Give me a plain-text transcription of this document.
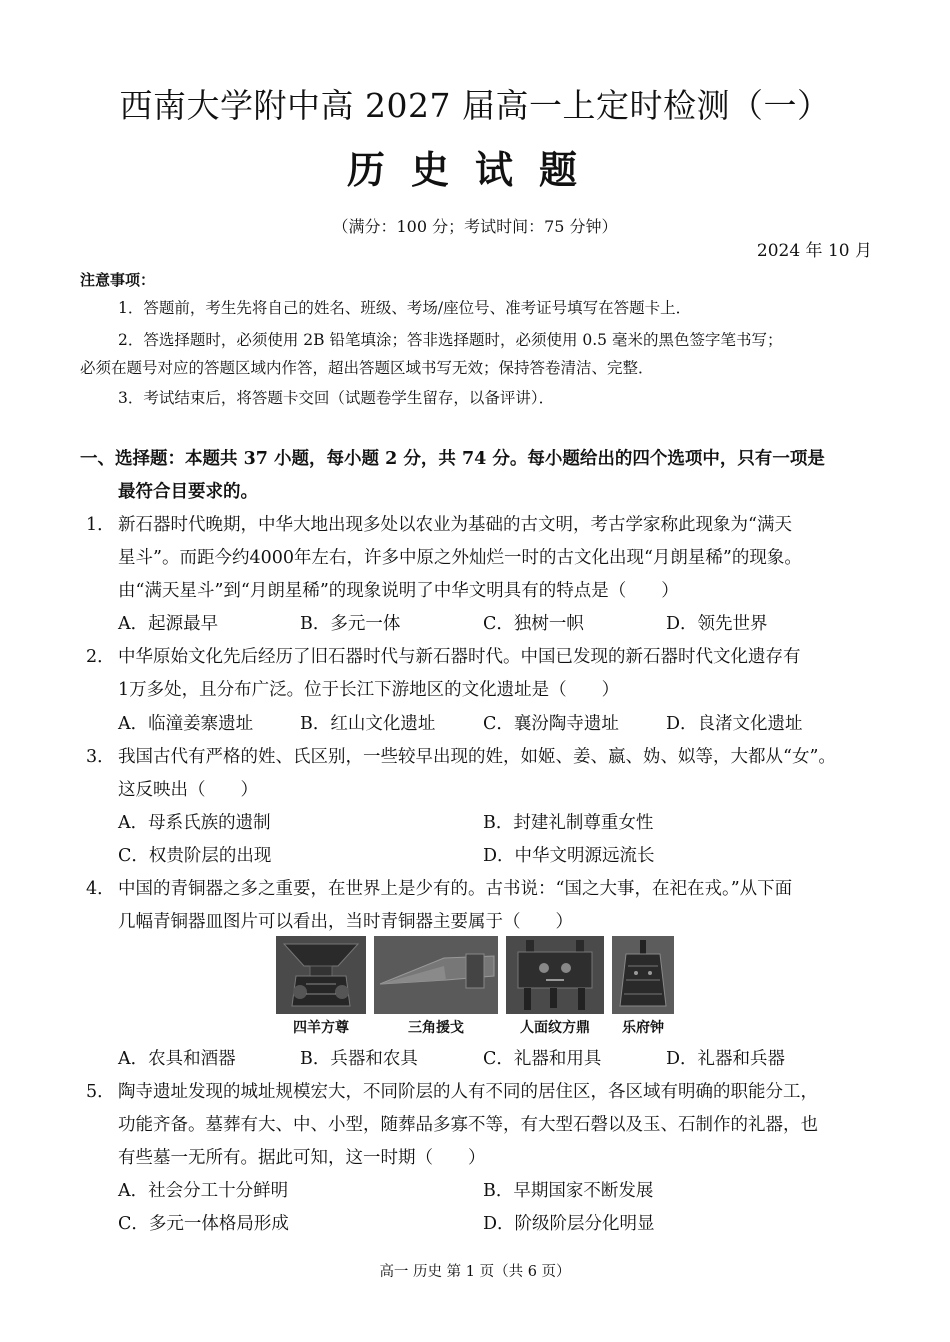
西南大学附中高 2027 届高一上定时检测（一）
历史试题
（满分：100 分；考试时间：75 分钟）
2024 年 10 月
注意事项：
1．答题前，考生先将自己的姓名、班级、考场/座位号、准考证号填写在答题卡上．
2．答选择题时，必须使用 2B 铅笔填涂；答非选择题时，必须使用 0.5 毫米的黑色签字笔书写；
必须在题号对应的答题区域内作答，超出答题区域书写无效；保持答卷清洁、完整．
3．考试结束后，将答题卡交回（试题卷学生留存，以备评讲）．
一、选择题：本题共 37 小题，每小题 2 分，共 74 分。每小题给出的四个选项中，只有一项是
最符合目要求的。
1． 新石器时代晚期，中华大地出现多处以农业为基础的古文明，考古学家称此现象为“满天
星斗”。而距今约4000年左右，许多中原之外灿烂一时的古文化出现“月朗星稀”的现象。
由“满天星斗”到“月朗星稀”的现象说明了中华文明具有的特点是（　　）
A．起源最早	B．多元一体	C．独树一帜	D．领先世界
2． 中华原始文化先后经历了旧石器时代与新石器时代。中国已发现的新石器时代文化遗存有
1万多处，且分布广泛。位于长江下游地区的文化遗址是（　　）
A．临潼姜寨遗址	B．红山文化遗址	C．襄汾陶寺遗址	D．良渚文化遗址
3． 我国古代有严格的姓、氏区别，一些较早出现的姓，如姬、姜、嬴、妫、姒等，大都从“女”。
这反映出（　　）
A．母系氏族的遗制	B．封建礼制尊重女性
C．权贵阶层的出现	D．中华文明源远流长
4． 中国的青铜器之多之重要，在世界上是少有的。古书说：“国之大事，在祀在戎。”从下面
几幅青铜器皿图片可以看出，当时青铜器主要属于（　　）
四羊方尊	三角援戈	人面纹方鼎	乐府钟
A．农具和酒器	B．兵器和农具	C．礼器和用具	D．礼器和兵器
5． 陶寺遗址发现的城址规模宏大，不同阶层的人有不同的居住区，各区域有明确的职能分工，
功能齐备。墓葬有大、中、小型，随葬品多寡不等，有大型石磬以及玉、石制作的礼器，也
有些墓一无所有。据此可知，这一时期（　　）
A．社会分工十分鲜明	B．早期国家不断发展
C．多元一体格局形成	D．阶级阶层分化明显
高一 历史 第 1 页（共 6 页）
